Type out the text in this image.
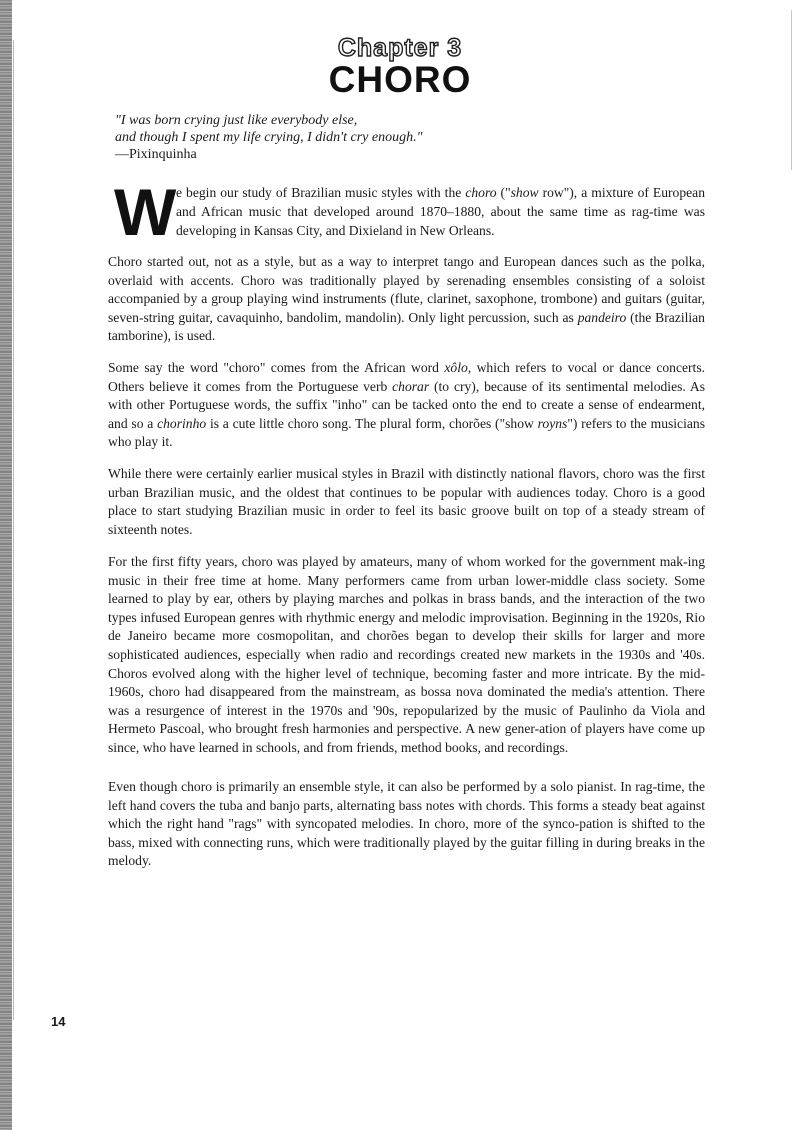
Chapter 3
CHORO
"I was born crying just like everybody else,
and though I spent my life crying, I didn't cry enough."
—Pixinquinha
W e begin our study of Brazilian music styles with the choro ("show row"), a mixture of European and African music that developed around 1870–1880, about the same time as rag-time was developing in Kansas City, and Dixieland in New Orleans.

Choro started out, not as a style, but as a way to interpret tango and European dances such as the polka, overlaid with accents. Choro was traditionally played by serenading ensembles consisting of a soloist accompanied by a group playing wind instruments (flute, clarinet, saxophone, trombone) and guitars (guitar, seven-string guitar, cavaquinho, bandolim, mandolin). Only light percussion, such as pandeiro (the Brazilian tamborine), is used.

Some say the word "choro" comes from the African word xôlo, which refers to vocal or dance concerts. Others believe it comes from the Portuguese verb chorar (to cry), because of its sentimental melodies. As with other Portuguese words, the suffix "inho" can be tacked onto the end to create a sense of endearment, and so a chorinho is a cute little choro song. The plural form, chorões ("show royns") refers to the musicians who play it.

While there were certainly earlier musical styles in Brazil with distinctly national flavors, choro was the first urban Brazilian music, and the oldest that continues to be popular with audiences today. Choro is a good place to start studying Brazilian music in order to feel its basic groove built on top of a steady stream of sixteenth notes.

For the first fifty years, choro was played by amateurs, many of whom worked for the government mak-ing music in their free time at home. Many performers came from urban lower-middle class society. Some learned to play by ear, others by playing marches and polkas in brass bands, and the interaction of the two types infused European genres with rhythmic energy and melodic improvisation. Beginning in the 1920s, Rio de Janeiro became more cosmopolitan, and chorões began to develop their skills for larger and more sophisticated audiences, especially when radio and recordings created new markets in the 1930s and '40s. Choros evolved along with the higher level of technique, becoming faster and more intricate. By the mid-1960s, choro had disappeared from the mainstream, as bossa nova dominated the media's attention. There was a resurgence of interest in the 1970s and '90s, repopularized by the music of Paulinho da Viola and Hermeto Pascoal, who brought fresh harmonies and perspective. A new gener-ation of players have come up since, who have learned in schools, and from friends, method books, and recordings.

Even though choro is primarily an ensemble style, it can also be performed by a solo pianist. In rag-time, the left hand covers the tuba and banjo parts, alternating bass notes with chords. This forms a steady beat against which the right hand "rags" with syncopated melodies. In choro, more of the synco-pation is shifted to the bass, mixed with connecting runs, which were traditionally played by the guitar filling in during breaks in the melody.

14
